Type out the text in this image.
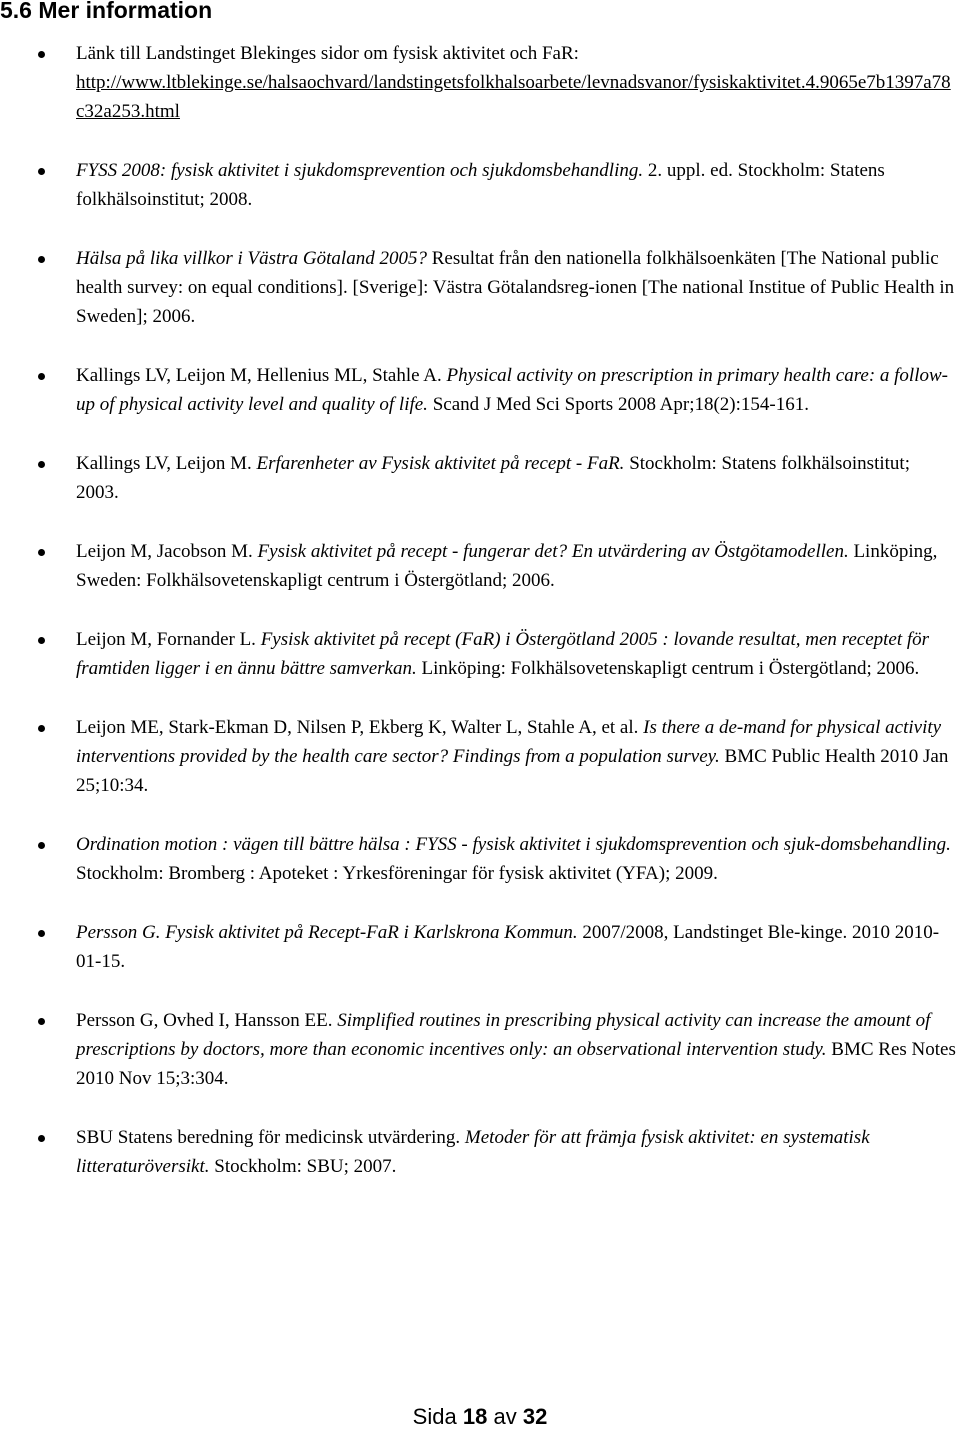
5.6 Mer information
Länk till Landstinget Blekinges sidor om fysisk aktivitet och FaR:
http://www.ltblekinge.se/halsaochvard/landstingetsfolkhalsoarbete/levnadsvanor/fysiskaktivitet.4.9065e7b1397a78c32a253.html
FYSS 2008: fysisk aktivitet i sjukdomsprevention och sjukdomsbehandling. 2. uppl. ed. Stockholm: Statens folkhälsoinstitut; 2008.
Hälsa på lika villkor i Västra Götaland 2005? Resultat från den nationella folkhälsoenkäten [The National public health survey: on equal conditions]. [Sverige]: Västra Götalandsreg-ionen [The national Institue of Public Health in Sweden]; 2006.
Kallings LV, Leijon M, Hellenius ML, Stahle A. Physical activity on prescription in primary health care: a follow-up of physical activity level and quality of life. Scand J Med Sci Sports 2008 Apr;18(2):154-161.
Kallings LV, Leijon M. Erfarenheter av Fysisk aktivitet på recept - FaR. Stockholm: Statens folkhälsoinstitut; 2003.
Leijon M, Jacobson M. Fysisk aktivitet på recept - fungerar det? En utvärdering av Östgötamodellen. Linköping, Sweden: Folkhälsovetenskapligt centrum i Östergötland; 2006.
Leijon M, Fornander L. Fysisk aktivitet på recept (FaR) i Östergötland 2005 : lovande resultat, men receptet för framtiden ligger i en ännu bättre samverkan. Linköping: Folkhälsovetenskapligt centrum i Östergötland; 2006.
Leijon ME, Stark-Ekman D, Nilsen P, Ekberg K, Walter L, Stahle A, et al. Is there a de-mand for physical activity interventions provided by the health care sector? Findings from a population survey. BMC Public Health 2010 Jan 25;10:34.
Ordination motion : vägen till bättre hälsa : FYSS - fysisk aktivitet i sjukdomsprevention och sjuk-domsbehandling. Stockholm: Bromberg : Apoteket : Yrkesföreningar för fysisk aktivitet (YFA); 2009.
Persson G. Fysisk aktivitet på Recept-FaR i Karlskrona Kommun. 2007/2008, Landstinget Ble-kinge. 2010 2010-01-15.
Persson G, Ovhed I, Hansson EE. Simplified routines in prescribing physical activity can increase the amount of prescriptions by doctors, more than economic incentives only: an observational intervention study. BMC Res Notes 2010 Nov 15;3:304.
SBU Statens beredning för medicinsk utvärdering. Metoder för att främja fysisk aktivitet: en systematisk litteraturöversikt. Stockholm: SBU; 2007.
Sida 18 av 32
